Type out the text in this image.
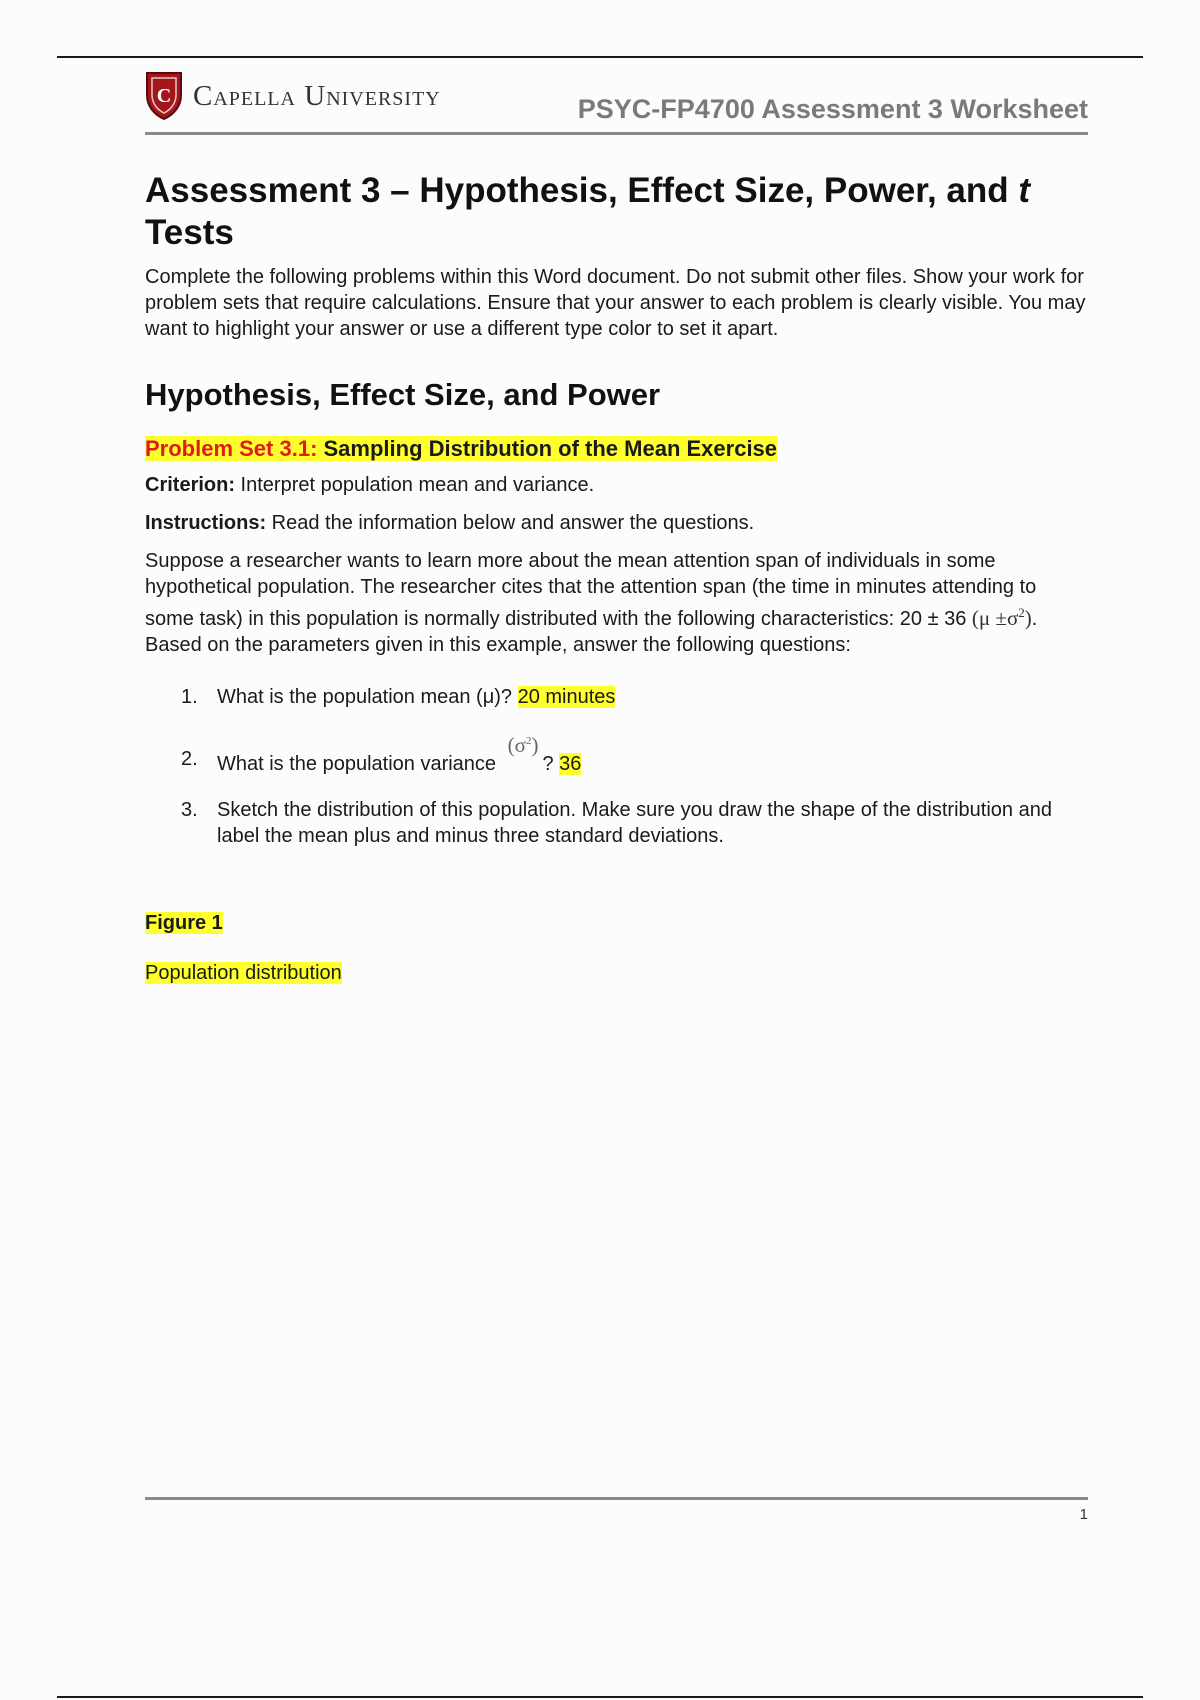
C Capella University	PSYC-FP4700 Assessment 3 Worksheet
Assessment 3 – Hypothesis, Effect Size, Power, and t
Tests

Complete the following problems within this Word document. Do not submit other files. Show your work for problem sets that require calculations. Ensure that your answer to each problem is clearly visible. You may want to highlight your answer or use a different type color to set it apart.

Hypothesis, Effect Size, and Power
Problem Set 3.1: Sampling Distribution of the Mean Exercise

Criterion: Interpret population mean and variance.

Instructions: Read the information below and answer the questions.

Suppose a researcher wants to learn more about the mean attention span of individuals in some hypothetical population. The researcher cites that the attention span (the time in minutes attending to some task) in this population is normally distributed with the following characteristics: 20 ± 36 $(\mu \pm\sigma^2)$. Based on the parameters given in this example, answer the following questions:

1. What is the population mean (μ)? 20 minutes
2. What is the population variance $(\sigma^2)$? 36
3. Sketch the distribution of this population. Make sure you draw the shape of the distribution and label the mean plus and minus three standard deviations.
Figure 1
Population distribution
1
